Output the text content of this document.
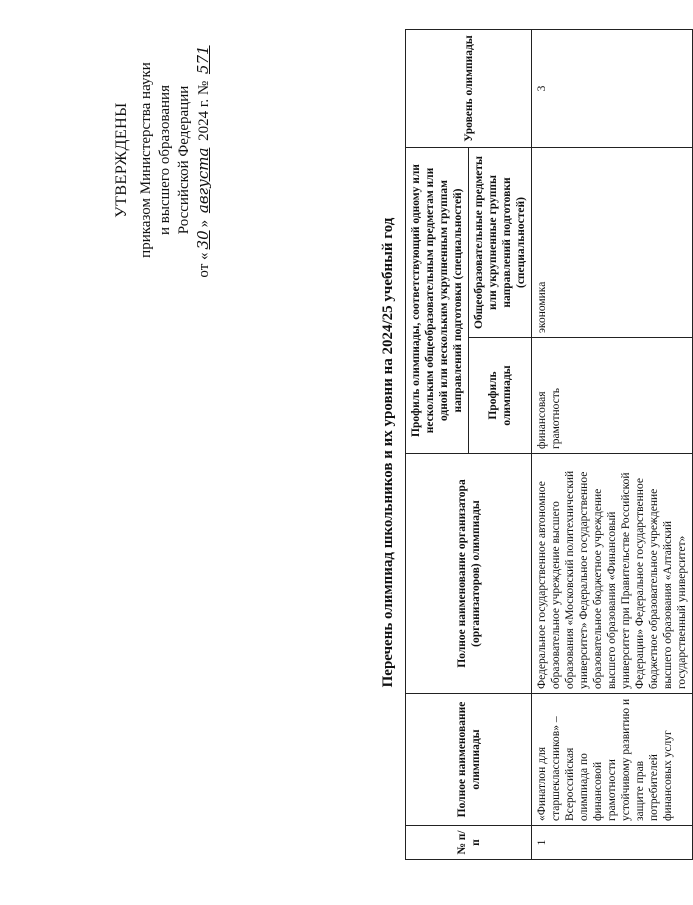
УТВЕРЖДЕНЫ приказом Министерства науки и высшего образования Российской Федерации
от «30» августа 2024 г. № 571
Перечень олимпиад школьников и их уровни на 2024/25 учебный год
№ п/п	Полное наименование олимпиады	Полное наименование организатора (организаторов) олимпиады	Профиль олимпиады, соответствующий одному или нескольким общеобразовательным предметам или одной или нескольким укрупненным группам направлений подготовки (специальностей)		Уровень олимпиады
			Профиль олимпиады	Общеобразовательные предметы или укрупненные группы направлений подготовки (специальностей)	
1	«Финатлон для старшеклассников» – Всероссийская олимпиада по финансовой грамотности устойчивому развитию и защите прав потребителей финансовых услуг	Федеральное государственное автономное образовательное учреждение высшего образования «Московский политехнический университет» Федеральное государственное образовательное бюджетное учреждение высшего образования «Финансовый университет при Правительстве Российской Федерации» Федеральное государственное бюджетное образовательное учреждение высшего образования «Алтайский государственный университет»	финансовая грамотность	экономика	3
